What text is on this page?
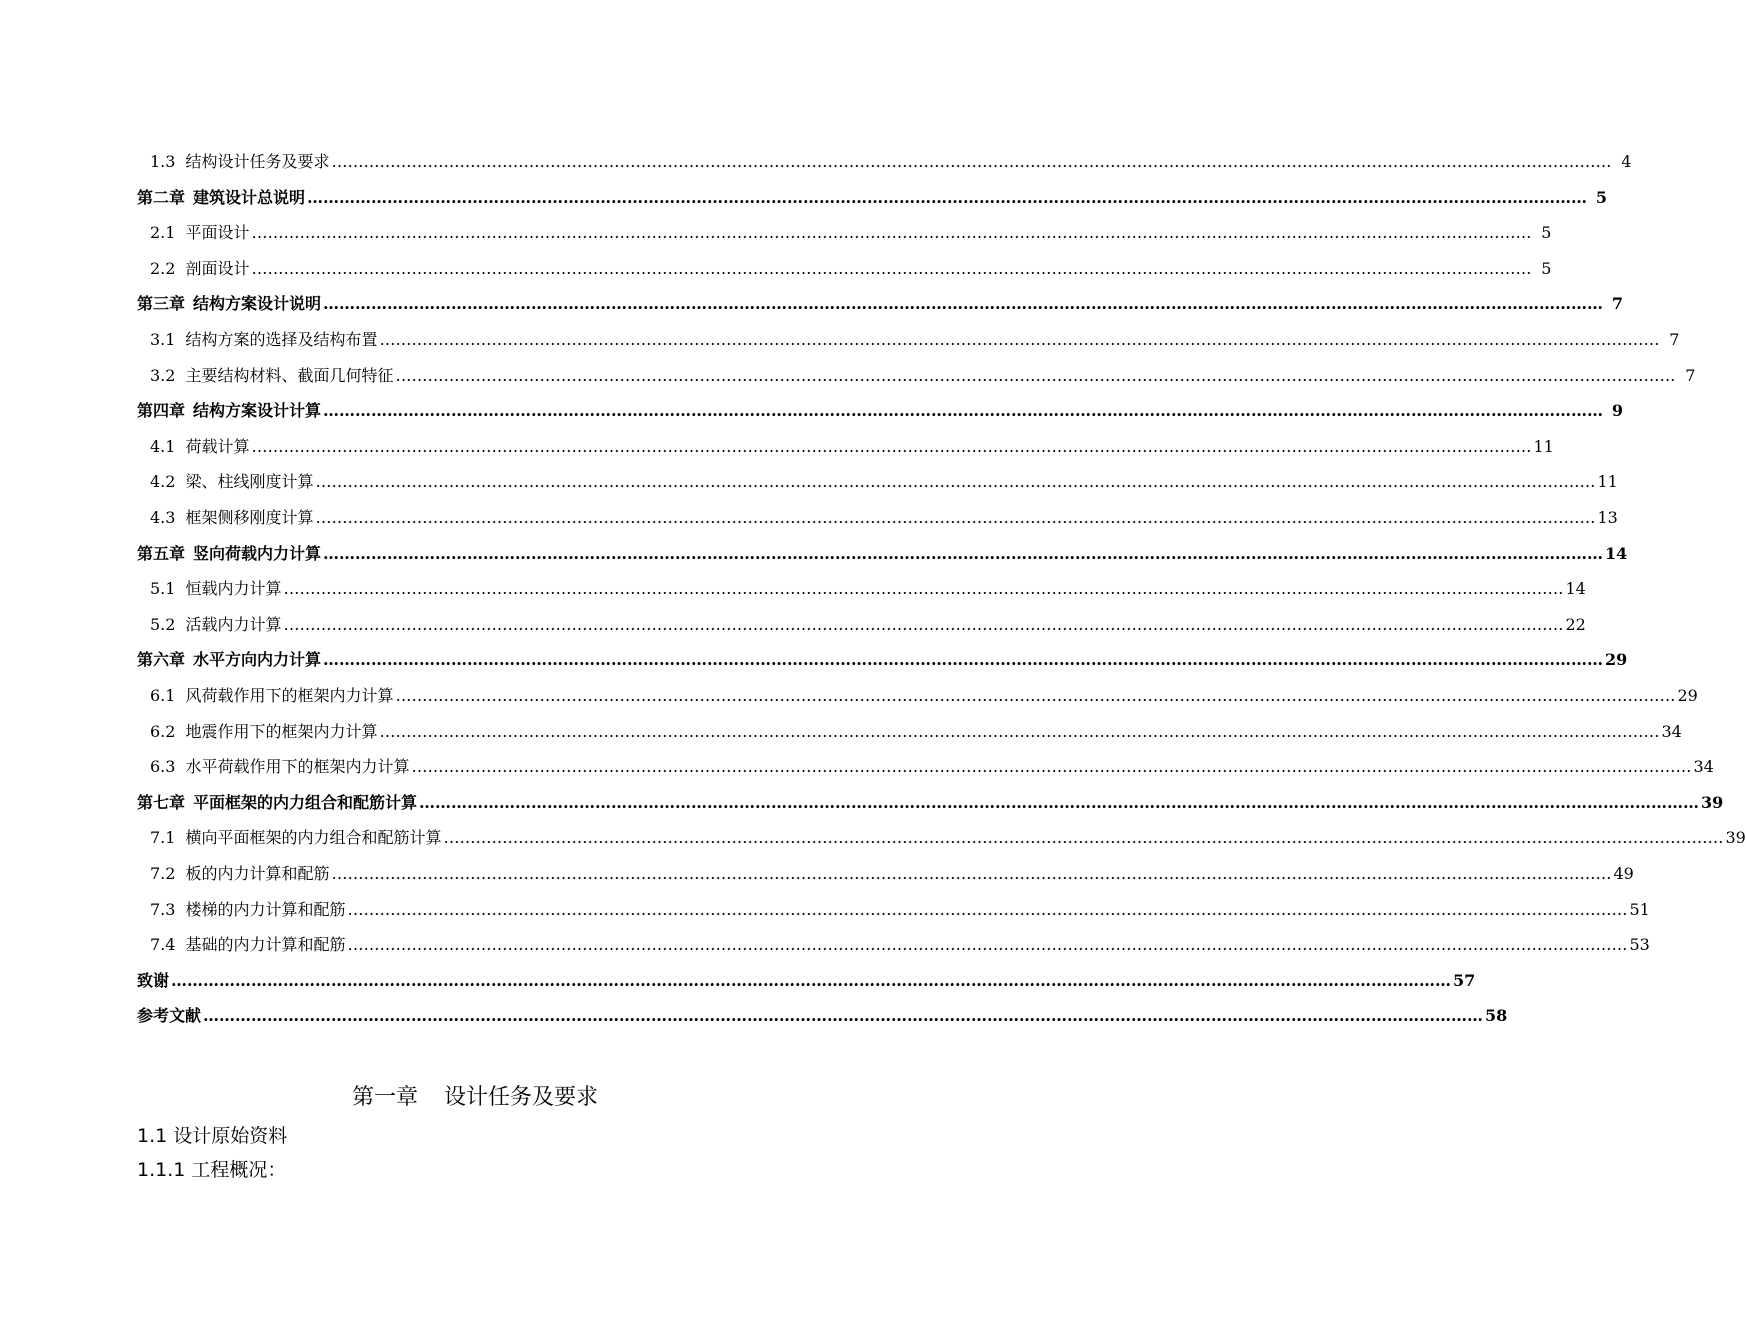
1.3 结构设计任务及要求 …………………………………………………………………………………………………………………………………………………………………………………………………………………… 4
第二章 建筑设计总说明 …………………………………………………………………………………………………………………………………………………………………………………………………………………… 5
2.1 平面设计 …………………………………………………………………………………………………………………………………………………………………………………………………………………… 5
2.2 剖面设计 …………………………………………………………………………………………………………………………………………………………………………………………………………………… 5
第三章 结构方案设计说明 …………………………………………………………………………………………………………………………………………………………………………………………………………………… 7
3.1 结构方案的选择及结构布置 …………………………………………………………………………………………………………………………………………………………………………………………………………………… 7
3.2 主要结构材料、截面几何特征 …………………………………………………………………………………………………………………………………………………………………………………………………………………… 7
第四章 结构方案设计计算 …………………………………………………………………………………………………………………………………………………………………………………………………………………… 9
4.1 荷载计算 …………………………………………………………………………………………………………………………………………………………………………………………………………………… 11
4.2 梁、柱线刚度计算 …………………………………………………………………………………………………………………………………………………………………………………………………………………… 11
4.3 框架侧移刚度计算 …………………………………………………………………………………………………………………………………………………………………………………………………………………… 13
第五章 竖向荷载内力计算 …………………………………………………………………………………………………………………………………………………………………………………………………………………… 14
5.1 恒载内力计算 …………………………………………………………………………………………………………………………………………………………………………………………………………………… 14
5.2 活载内力计算 …………………………………………………………………………………………………………………………………………………………………………………………………………………… 22
第六章 水平方向内力计算 …………………………………………………………………………………………………………………………………………………………………………………………………………………… 29
6.1 风荷载作用下的框架内力计算 …………………………………………………………………………………………………………………………………………………………………………………………………………………… 29
6.2 地震作用下的框架内力计算 …………………………………………………………………………………………………………………………………………………………………………………………………………………… 34
6.3 水平荷载作用下的框架内力计算 …………………………………………………………………………………………………………………………………………………………………………………………………………………… 34
第七章 平面框架的内力组合和配筋计算 …………………………………………………………………………………………………………………………………………………………………………………………………………………… 39
7.1 横向平面框架的内力组合和配筋计算 …………………………………………………………………………………………………………………………………………………………………………………………………………………… 39
7.2 板的内力计算和配筋 …………………………………………………………………………………………………………………………………………………………………………………………………………………… 49
7.3 楼梯的内力计算和配筋 …………………………………………………………………………………………………………………………………………………………………………………………………………………… 51
7.4 基础的内力计算和配筋 …………………………………………………………………………………………………………………………………………………………………………………………………………………… 53
致谢 …………………………………………………………………………………………………………………………………………………………………………………………………………………… 57
参考文献 …………………………………………………………………………………………………………………………………………………………………………………………………………………… 58
第一章 设计任务及要求
1.1 设计原始资料
1.1.1 工程概况：
